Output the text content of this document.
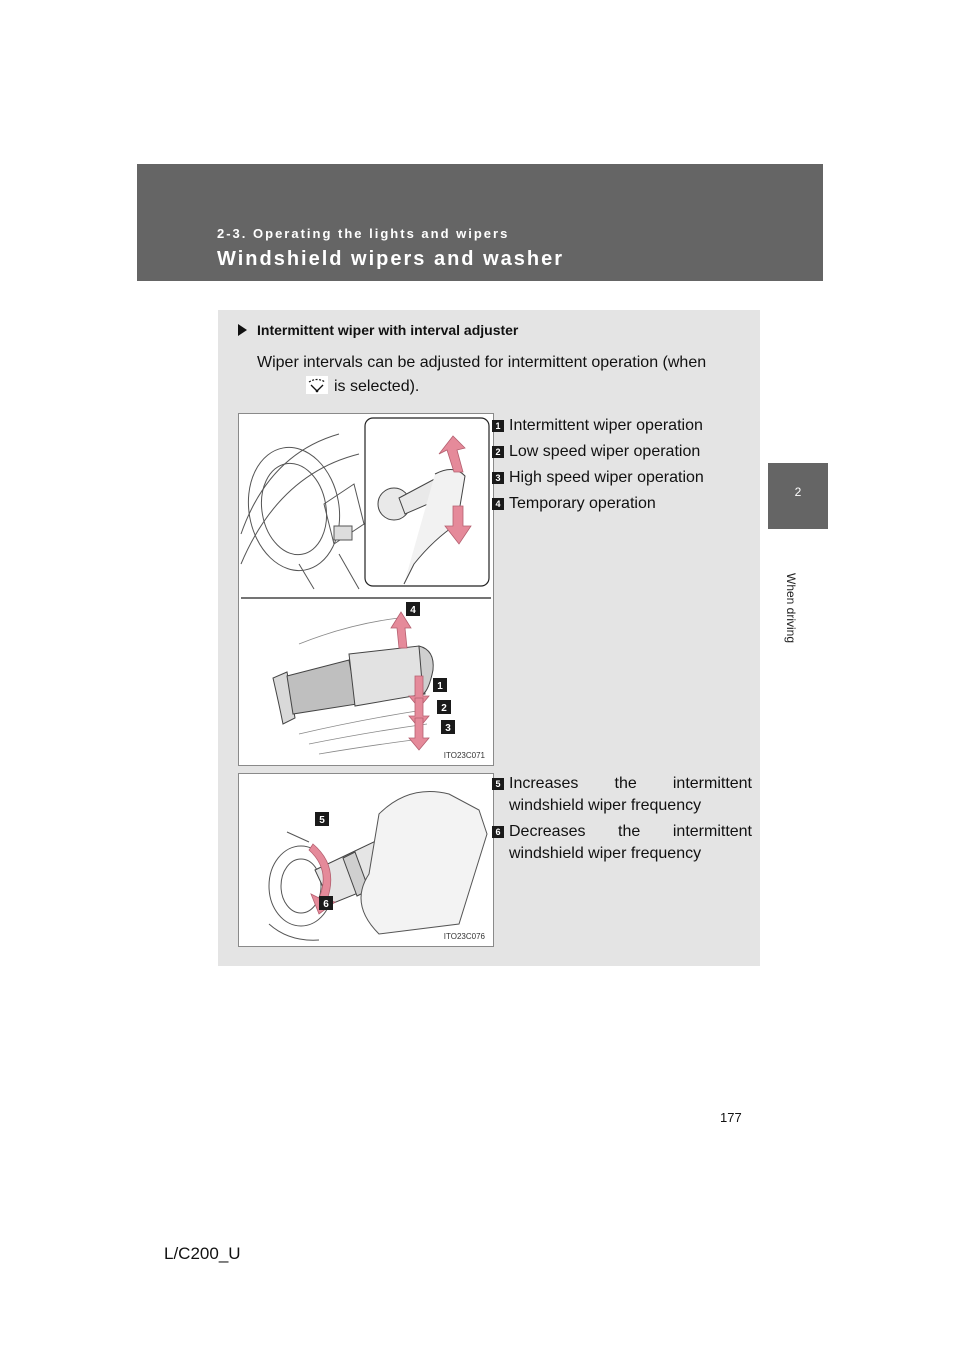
2-3. Operating the lights and wipers
Windshield wipers and washer
2
When driving
Intermittent wiper with interval adjuster
Wiper intervals can be adjusted for intermittent operation (when
is selected).
4
1
2
3
ITO23C071
1 Intermittent wiper operation
2 Low speed wiper operation
3 High speed wiper operation
4 Temporary operation
5
6
ITO23C076
5 Increases the intermittent windshield wiper frequency
6 Decreases the intermittent windshield wiper frequency
177
L/C200_U
